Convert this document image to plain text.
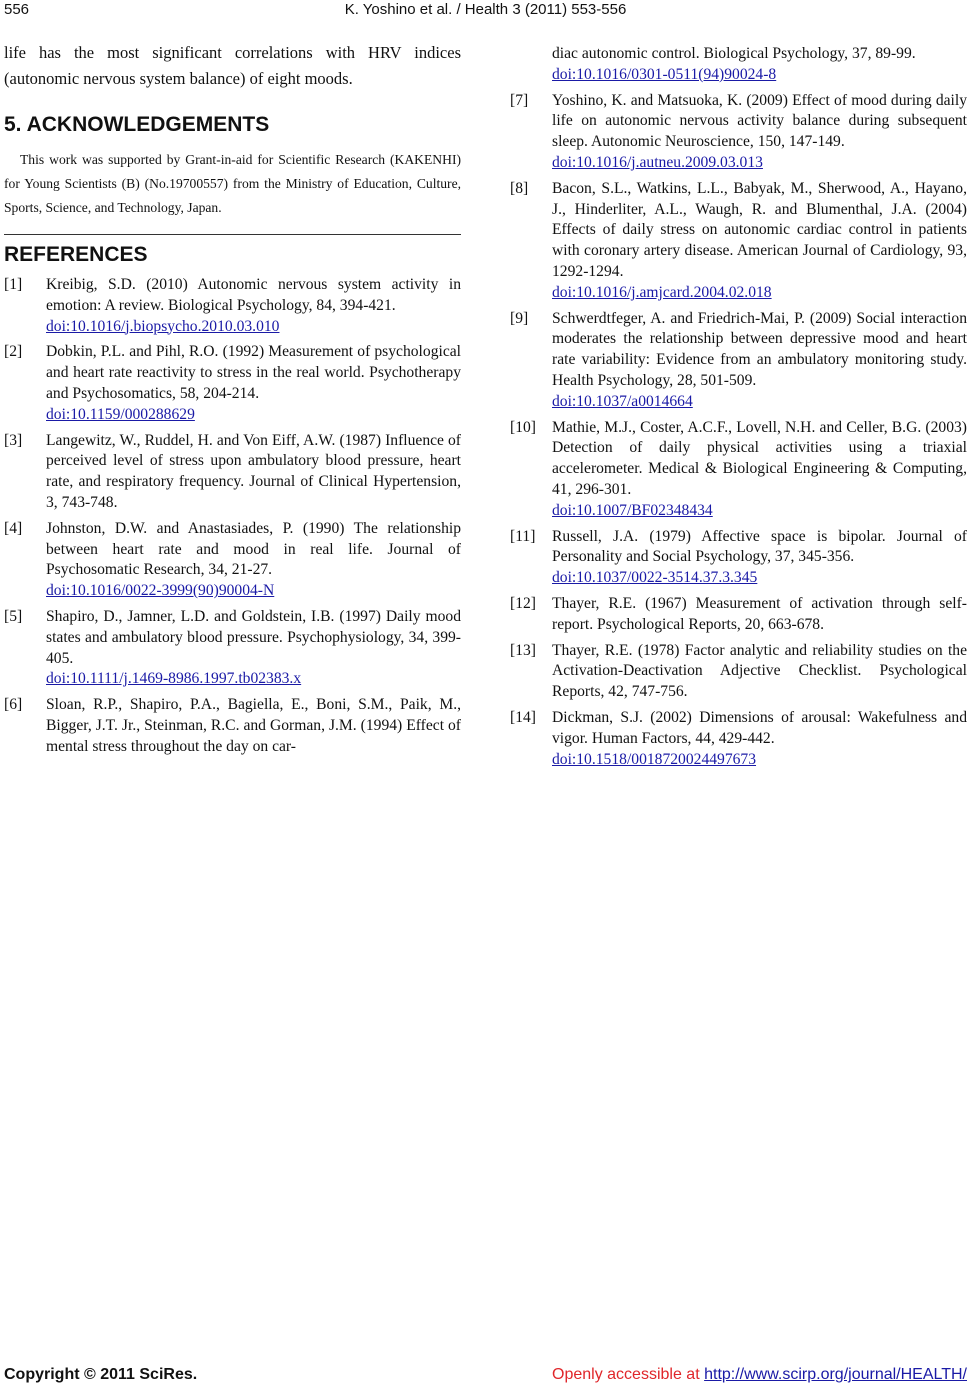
556	K. Yoshino et al. / Health 3 (2011) 553-556

life has the most significant correlations with HRV indices (autonomic nervous system balance) of eight moods.

5. ACKNOWLEDGEMENTS

This work was supported by Grant-in-aid for Scientific Research (KAKENHI) for Young Scientists (B) (No.19700557) from the Ministry of Education, Culture, Sports, Science, and Technology, Japan.

REFERENCES
[1] Kreibig, S.D. (2010) Autonomic nervous system activity in emotion: A review. Biological Psychology, 84, 394-421.
doi:10.1016/j.biopsycho.2010.03.010
[2] Dobkin, P.L. and Pihl, R.O. (1992) Measurement of psychological and heart rate reactivity to stress in the real world. Psychotherapy and Psychosomatics, 58, 204-214.
doi:10.1159/000288629
[3] Langewitz, W., Ruddel, H. and Von Eiff, A.W. (1987) Influence of perceived level of stress upon ambulatory blood pressure, heart rate, and respiratory frequency. Journal of Clinical Hypertension, 3, 743-748.
[4] Johnston, D.W. and Anastasiades, P. (1990) The relationship between heart rate and mood in real life. Journal of Psychosomatic Research, 34, 21-27.
doi:10.1016/0022-3999(90)90004-N
[5] Shapiro, D., Jamner, L.D. and Goldstein, I.B. (1997) Daily mood states and ambulatory blood pressure. Psychophysiology, 34, 399-405.
doi:10.1111/j.1469-8986.1997.tb02383.x
[6] Sloan, R.P., Shapiro, P.A., Bagiella, E., Boni, S.M., Paik, M., Bigger, J.T. Jr., Steinman, R.C. and Gorman, J.M. (1994) Effect of mental stress throughout the day on car-
diac autonomic control. Biological Psychology, 37, 89-99.
doi:10.1016/0301-0511(94)90024-8
[7] Yoshino, K. and Matsuoka, K. (2009) Effect of mood during daily life on autonomic nervous activity balance during subsequent sleep. Autonomic Neuroscience, 150, 147-149.
doi:10.1016/j.autneu.2009.03.013
[8] Bacon, S.L., Watkins, L.L., Babyak, M., Sherwood, A., Hayano, J., Hinderliter, A.L., Waugh, R. and Blumenthal, J.A. (2004) Effects of daily stress on autonomic cardiac control in patients with coronary artery disease. American Journal of Cardiology, 93, 1292-1294.
doi:10.1016/j.amjcard.2004.02.018
[9] Schwerdtfeger, A. and Friedrich-Mai, P. (2009) Social interaction moderates the relationship between depressive mood and heart rate variability: Evidence from an ambulatory monitoring study. Health Psychology, 28, 501-509.
doi:10.1037/a0014664
[10] Mathie, M.J., Coster, A.C.F., Lovell, N.H. and Celler, B.G. (2003) Detection of daily physical activities using a triaxial accelerometer. Medical & Biological Engineering & Computing, 41, 296-301.
doi:10.1007/BF02348434
[11] Russell, J.A. (1979) Affective space is bipolar. Journal of Personality and Social Psychology, 37, 345-356.
doi:10.1037/0022-3514.37.3.345
[12] Thayer, R.E. (1967) Measurement of activation through self-report. Psychological Reports, 20, 663-678.
[13] Thayer, R.E. (1978) Factor analytic and reliability studies on the Activation-Deactivation Adjective Checklist. Psychological Reports, 42, 747-756.
[14] Dickman, S.J. (2002) Dimensions of arousal: Wakefulness and vigor. Human Factors, 44, 429-442.
doi:10.1518/0018720024497673
Copyright © 2011 SciRes.	Openly accessible at http://www.scirp.org/journal/HEALTH/
